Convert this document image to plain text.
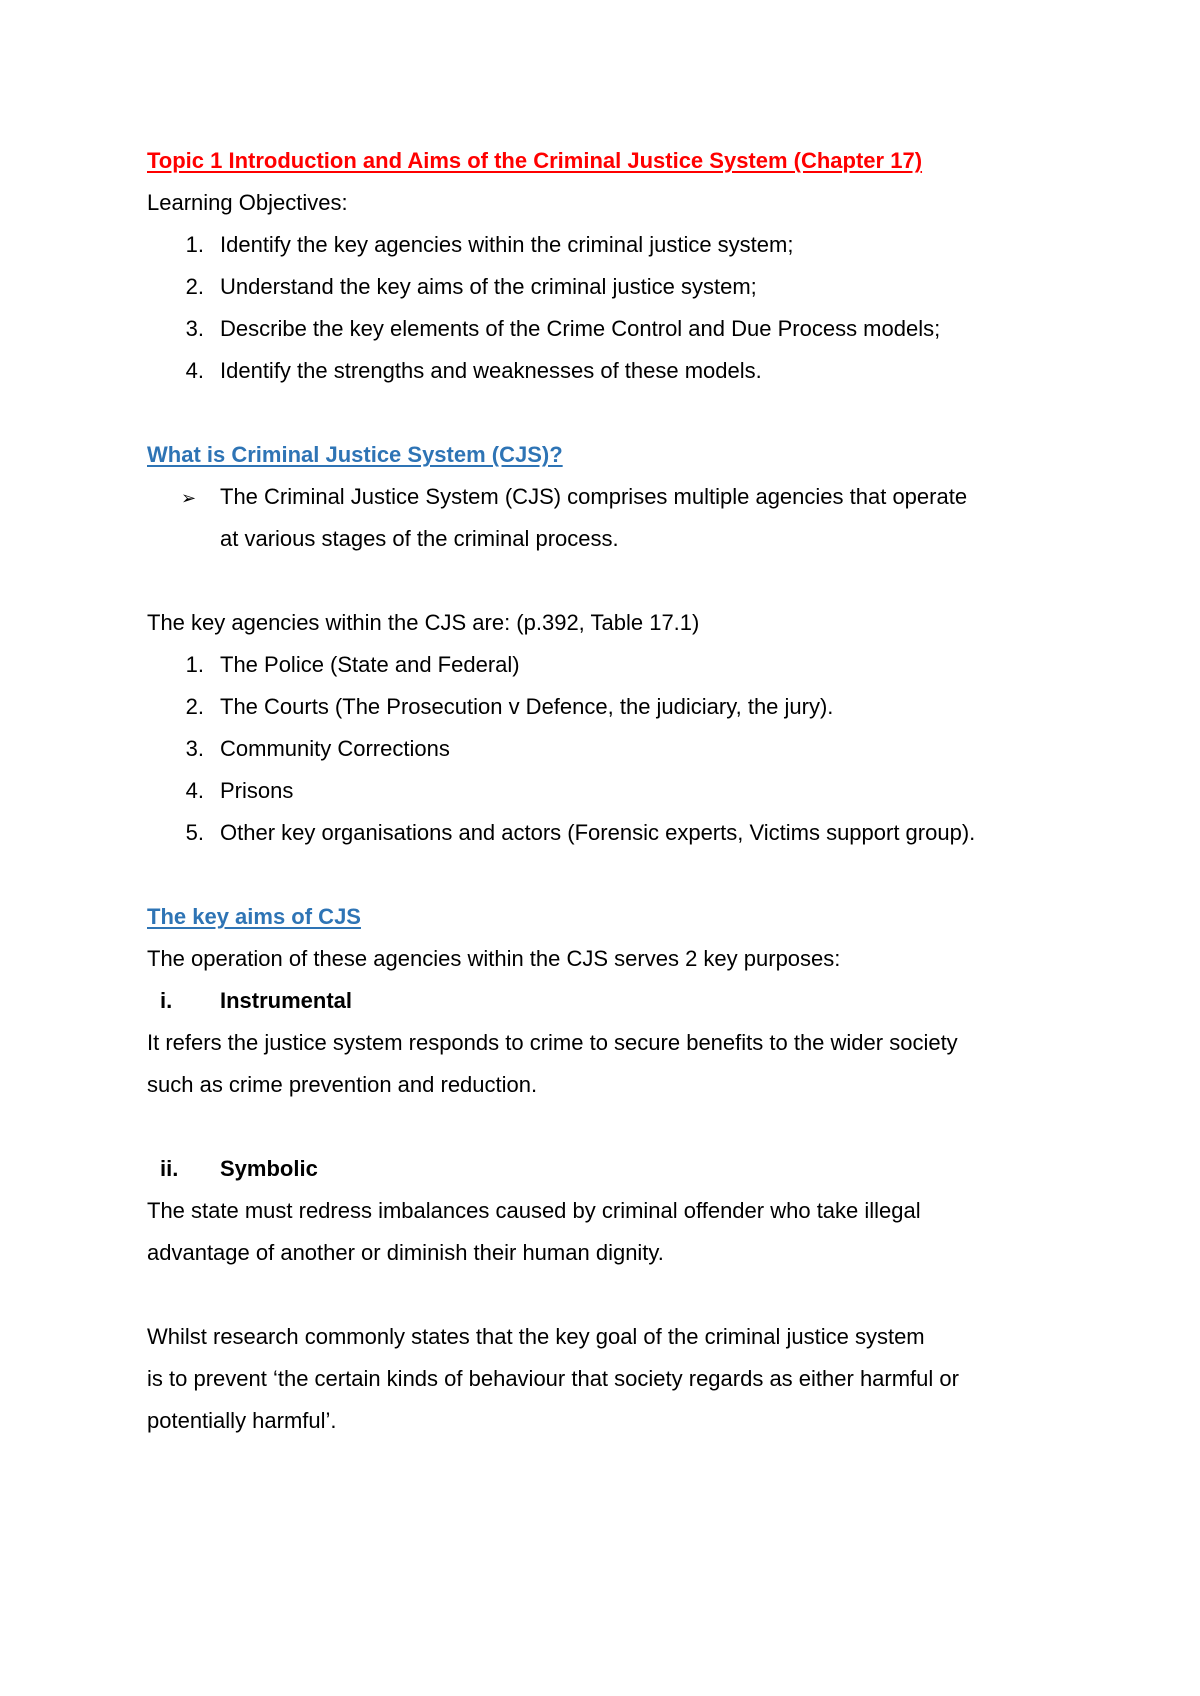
Topic 1 Introduction and Aims of the Criminal Justice System (Chapter 17)
Learning Objectives:
1. Identify the key agencies within the criminal justice system;
2. Understand the key aims of the criminal justice system;
3. Describe the key elements of the Crime Control and Due Process models;
4. Identify the strengths and weaknesses of these models.
What is Criminal Justice System (CJS)?
➢ The Criminal Justice System (CJS) comprises multiple agencies that operate
at various stages of the criminal process.
The key agencies within the CJS are: (p.392, Table 17.1)
1. The Police (State and Federal)
2. The Courts (The Prosecution v Defence, the judiciary, the jury).
3. Community Corrections
4. Prisons
5. Other key organisations and actors (Forensic experts, Victims support group).
The key aims of CJS
The operation of these agencies within the CJS serves 2 key purposes:
i. Instrumental
It refers the justice system responds to crime to secure benefits to the wider society
such as crime prevention and reduction.
ii. Symbolic
The state must redress imbalances caused by criminal offender who take illegal
advantage of another or diminish their human dignity.
Whilst research commonly states that the key goal of the criminal justice system
is to prevent ‘the certain kinds of behaviour that society regards as either harmful or
potentially harmful’.
